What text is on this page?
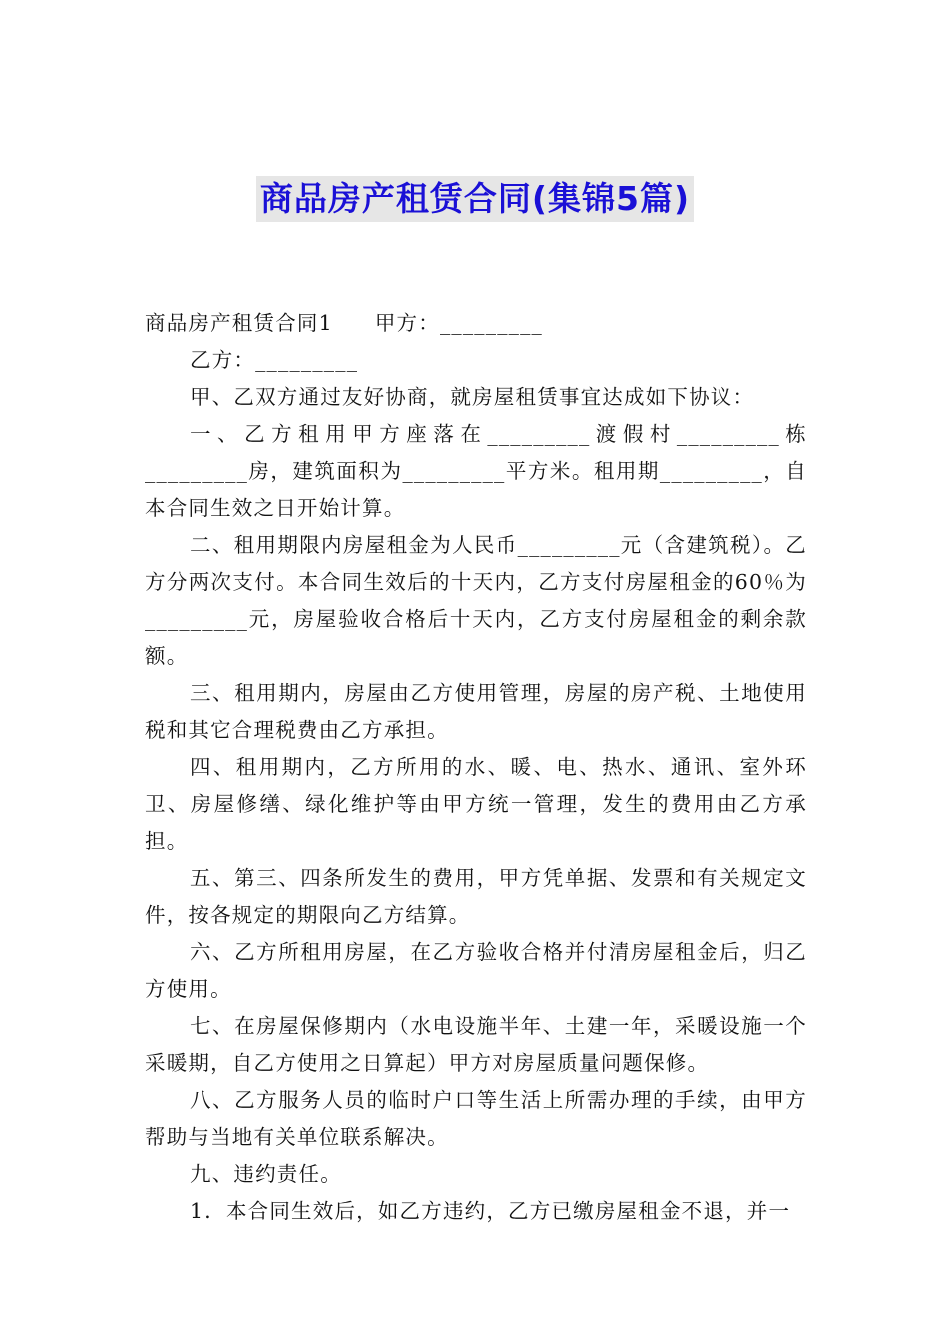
商品房产租赁合同(集锦5篇)

商品房产租赁合同1 甲方：_________

乙方：_________

甲、乙双方通过友好协商，就房屋租赁事宜达成如下协议：

一、乙方租用甲方座落在_________渡假村_________栋_________房，建筑面积为_________平方米。租用期_________，自本合同生效之日开始计算。

二、租用期限内房屋租金为人民币_________元（含建筑税）。乙方分两次支付。本合同生效后的十天内，乙方支付房屋租金的60％为_________元，房屋验收合格后十天内，乙方支付房屋租金的剩余款额。

三、租用期内，房屋由乙方使用管理，房屋的房产税、土地使用税和其它合理税费由乙方承担。

四、租用期内，乙方所用的水、暖、电、热水、通讯、室外环卫、房屋修缮、绿化维护等由甲方统一管理，发生的费用由乙方承担。

五、第三、四条所发生的费用，甲方凭单据、发票和有关规定文件，按各规定的期限向乙方结算。

六、乙方所租用房屋，在乙方验收合格并付清房屋租金后，归乙方使用。

七、在房屋保修期内（水电设施半年、土建一年，采暖设施一个采暖期，自乙方使用之日算起）甲方对房屋质量问题保修。

八、乙方服务人员的临时户口等生活上所需办理的手续，由甲方帮助与当地有关单位联系解决。

九、违约责任。

1．本合同生效后，如乙方违约，乙方已缴房屋租金不退，并一
